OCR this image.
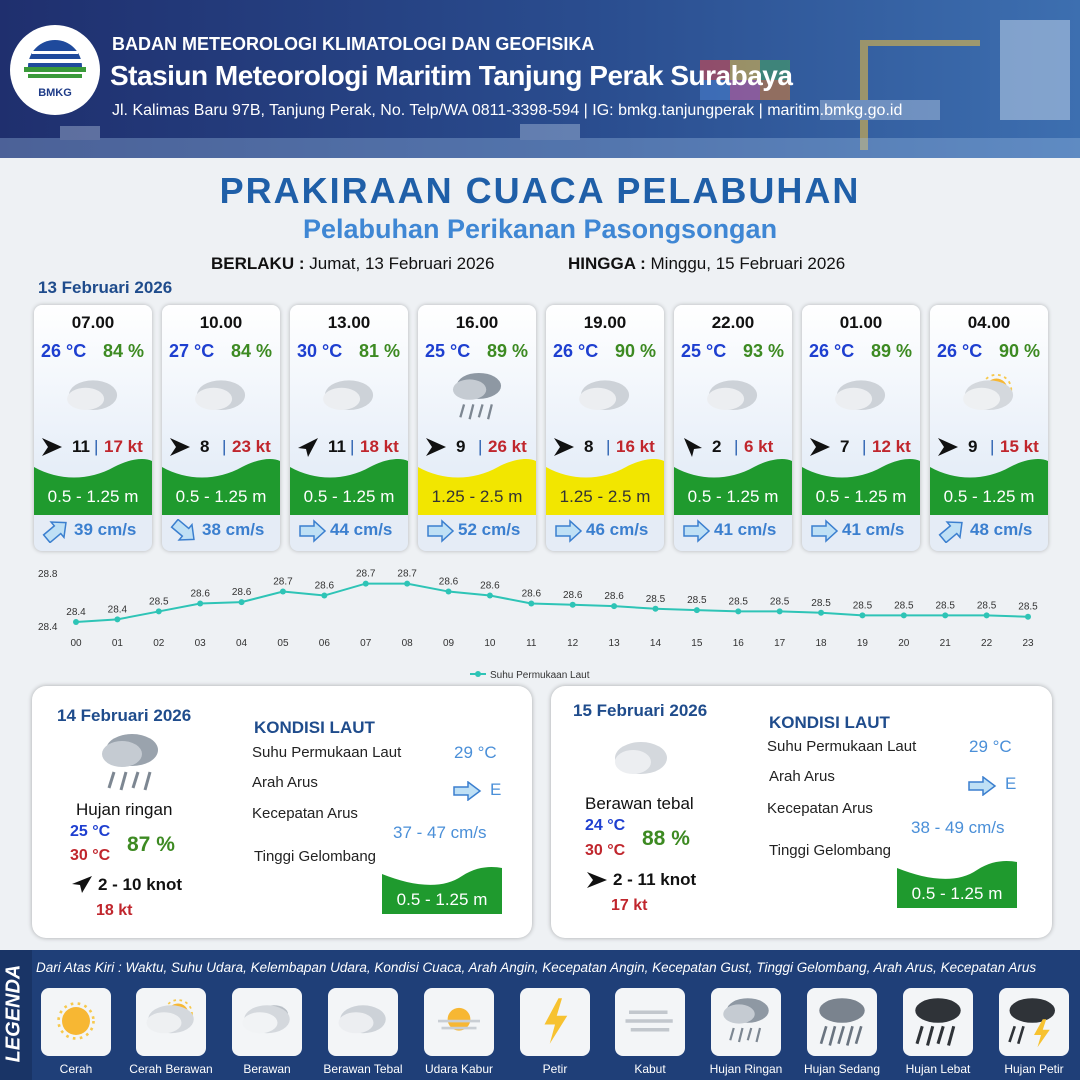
BMKG
BADAN METEOROLOGI KLIMATOLOGI DAN GEOFISIKA
Stasiun Meteorologi Maritim Tanjung Perak Surabaya
Jl. Kalimas Baru 97B, Tanjung Perak, No. Telp/WA 0811-3398-594 | IG: bmkg.tanjungperak | maritim.bmkg.go.id
PRAKIRAAN CUACA PELABUHAN
Pelabuhan Perikanan Pasongsongan
BERLAKU : Jumat, 13 Februari 2026	HINGGA : Minggu, 15 Februari 2026
13 Februari 2026
07.00
26 °C 84 %
11 | 17 kt
0.5 - 1.25 m
39 cm/s
10.00
27 °C 84 %
8 | 23 kt
0.5 - 1.25 m
38 cm/s
13.00
30 °C 81 %
11 | 18 kt
0.5 - 1.25 m
44 cm/s
16.00
25 °C 89 %
9 | 26 kt
1.25 - 2.5 m
52 cm/s
19.00
26 °C 90 %
8 | 16 kt
1.25 - 2.5 m
46 cm/s
22.00
25 °C 93 %
2 | 6 kt
0.5 - 1.25 m
41 cm/s
01.00
26 °C 89 %
7 | 12 kt
0.5 - 1.25 m
41 cm/s
04.00
26 °C 90 %
9 | 15 kt
0.5 - 1.25 m
48 cm/s
28.8
28.4
28.4
00
28.4
01
28.5
02
28.6
03
28.6
04
28.7
05
28.6
06
28.7
07
28.7
08
28.6
09
28.6
10
28.6
11
28.6
12
28.6
13
28.5
14
28.5
15
28.5
16
28.5
17
28.5
18
28.5
19
28.5
20
28.5
21
28.5
22
28.5
23
Suhu Permukaan Laut
14 Februari 2026
Hujan ringan
25 °C
30 °C 87 %
2 - 10 knot
18 kt
KONDISI LAUT
Suhu Permukaan Laut	29 °C
Arah Arus	E
Kecepatan Arus
37 - 47 cm/s
Tinggi Gelombang
0.5 - 1.25 m
15 Februari 2026
Berawan tebal
24 °C
30 °C
88 %
2 - 11 knot
17 kt
KONDISI LAUT
Suhu Permukaan Laut	29 °C
Arah Arus	E
Kecepatan Arus
38 - 49 cm/s
Tinggi Gelombang
0.5 - 1.25 m
LEGENDA Dari Atas Kiri : Waktu, Suhu Udara, Kelembapan Udara, Kondisi Cuaca, Arah Angin, Kecepatan Angin, Kecepatan Gust, Tinggi Gelombang, Arah Arus, Kecepatan Arus
Cerah	Cerah Berawan	Berawan	Berawan Tebal	Udara Kabur	Petir	Kabut	Hujan Ringan	Hujan Sedang	Hujan Lebat	Hujan Petir
